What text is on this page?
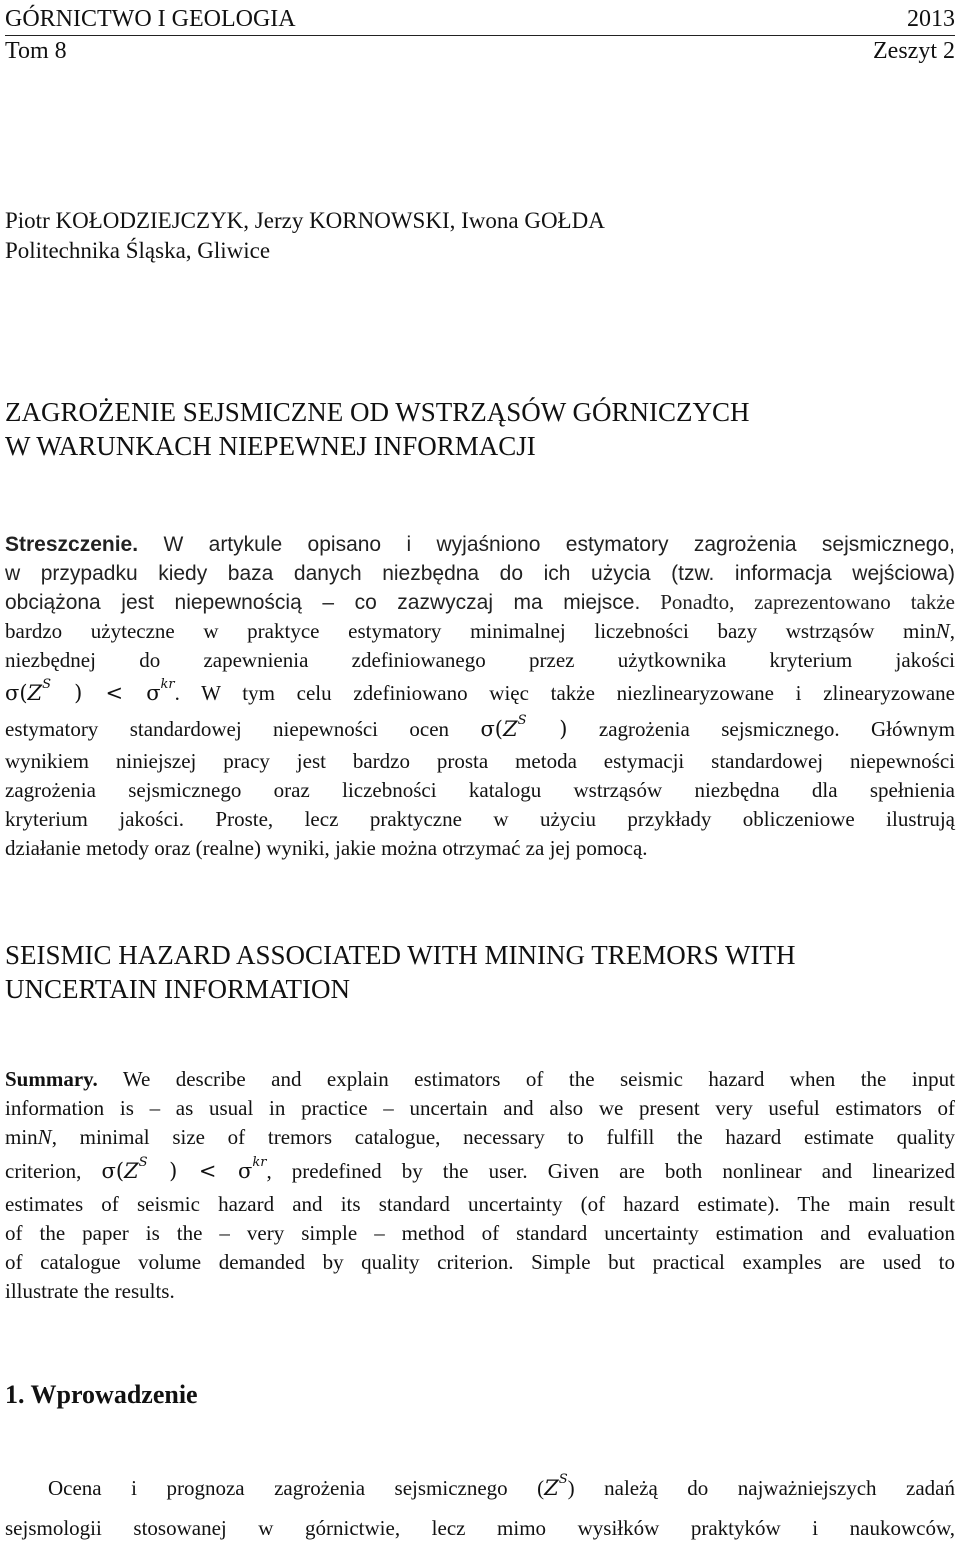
GÓRNICTWO I GEOLOGIA	2013
Tom 8	Zeszyt 2
Piotr KOŁODZIEJCZYK, Jerzy KORNOWSKI, Iwona GOŁDA
Politechnika Śląska, Gliwice
ZAGROŻENIE SEJSMICZNE OD WSTRZĄSÓW GÓRNICZYCH
W WARUNKACH NIEPEWNEJ INFORMACJI
Streszczenie. W artykule opisano i wyjaśniono estymatory zagrożenia sejsmicznego,
w przypadku kiedy baza danych niezbędna do ich użycia (tzw. informacja wejściowa)
obciążona jest niepewnością – co zazwyczaj ma miejsce. Ponadto, zaprezentowano także
bardzo użyteczne w praktyce estymatory minimalnej liczebności bazy wstrząsów minN,
niezbędnej do zapewnienia zdefiniowanego przez użytkownika kryterium jakości
$\sigma(Z^S$ ) < $\sigma^{kr}$. W tym celu zdefiniowano więc także niezlinearyzowane i zlinearyzowane
estymatory standardowej niepewności ocen $\sigma(Z^S$ ) zagrożenia sejsmicznego. Głównym
wynikiem niniejszej pracy jest bardzo prosta metoda estymacji standardowej niepewności
zagrożenia sejsmicznego oraz liczebności katalogu wstrząsów niezbędna dla spełnienia
kryterium jakości. Proste, lecz praktyczne w użyciu przykłady obliczeniowe ilustrują
działanie metody oraz (realne) wyniki, jakie można otrzymać za jej pomocą.
SEISMIC HAZARD ASSOCIATED WITH MINING TREMORS WITH
UNCERTAIN INFORMATION
Summary. We describe and explain estimators of the seismic hazard when the input
information is – as usual in practice – uncertain and also we present very useful estimators of
minN, minimal size of tremors catalogue, necessary to fulfill the hazard estimate quality
criterion, $\sigma(Z^S$ ) < $\sigma^{kr}$, predefined by the user. Given are both nonlinear and linearized
estimates of seismic hazard and its standard uncertainty (of hazard estimate). The main result
of the paper is the – very simple – method of standard uncertainty estimation and evaluation
of catalogue volume demanded by quality criterion. Simple but practical examples are used to
illustrate the results.
1. Wprowadzenie
Ocena i prognoza zagrożenia sejsmicznego $(Z^S)$ należą do najważniejszych zadań
sejsmologii stosowanej w górnictwie, lecz mimo wysiłków praktyków i naukowców,
